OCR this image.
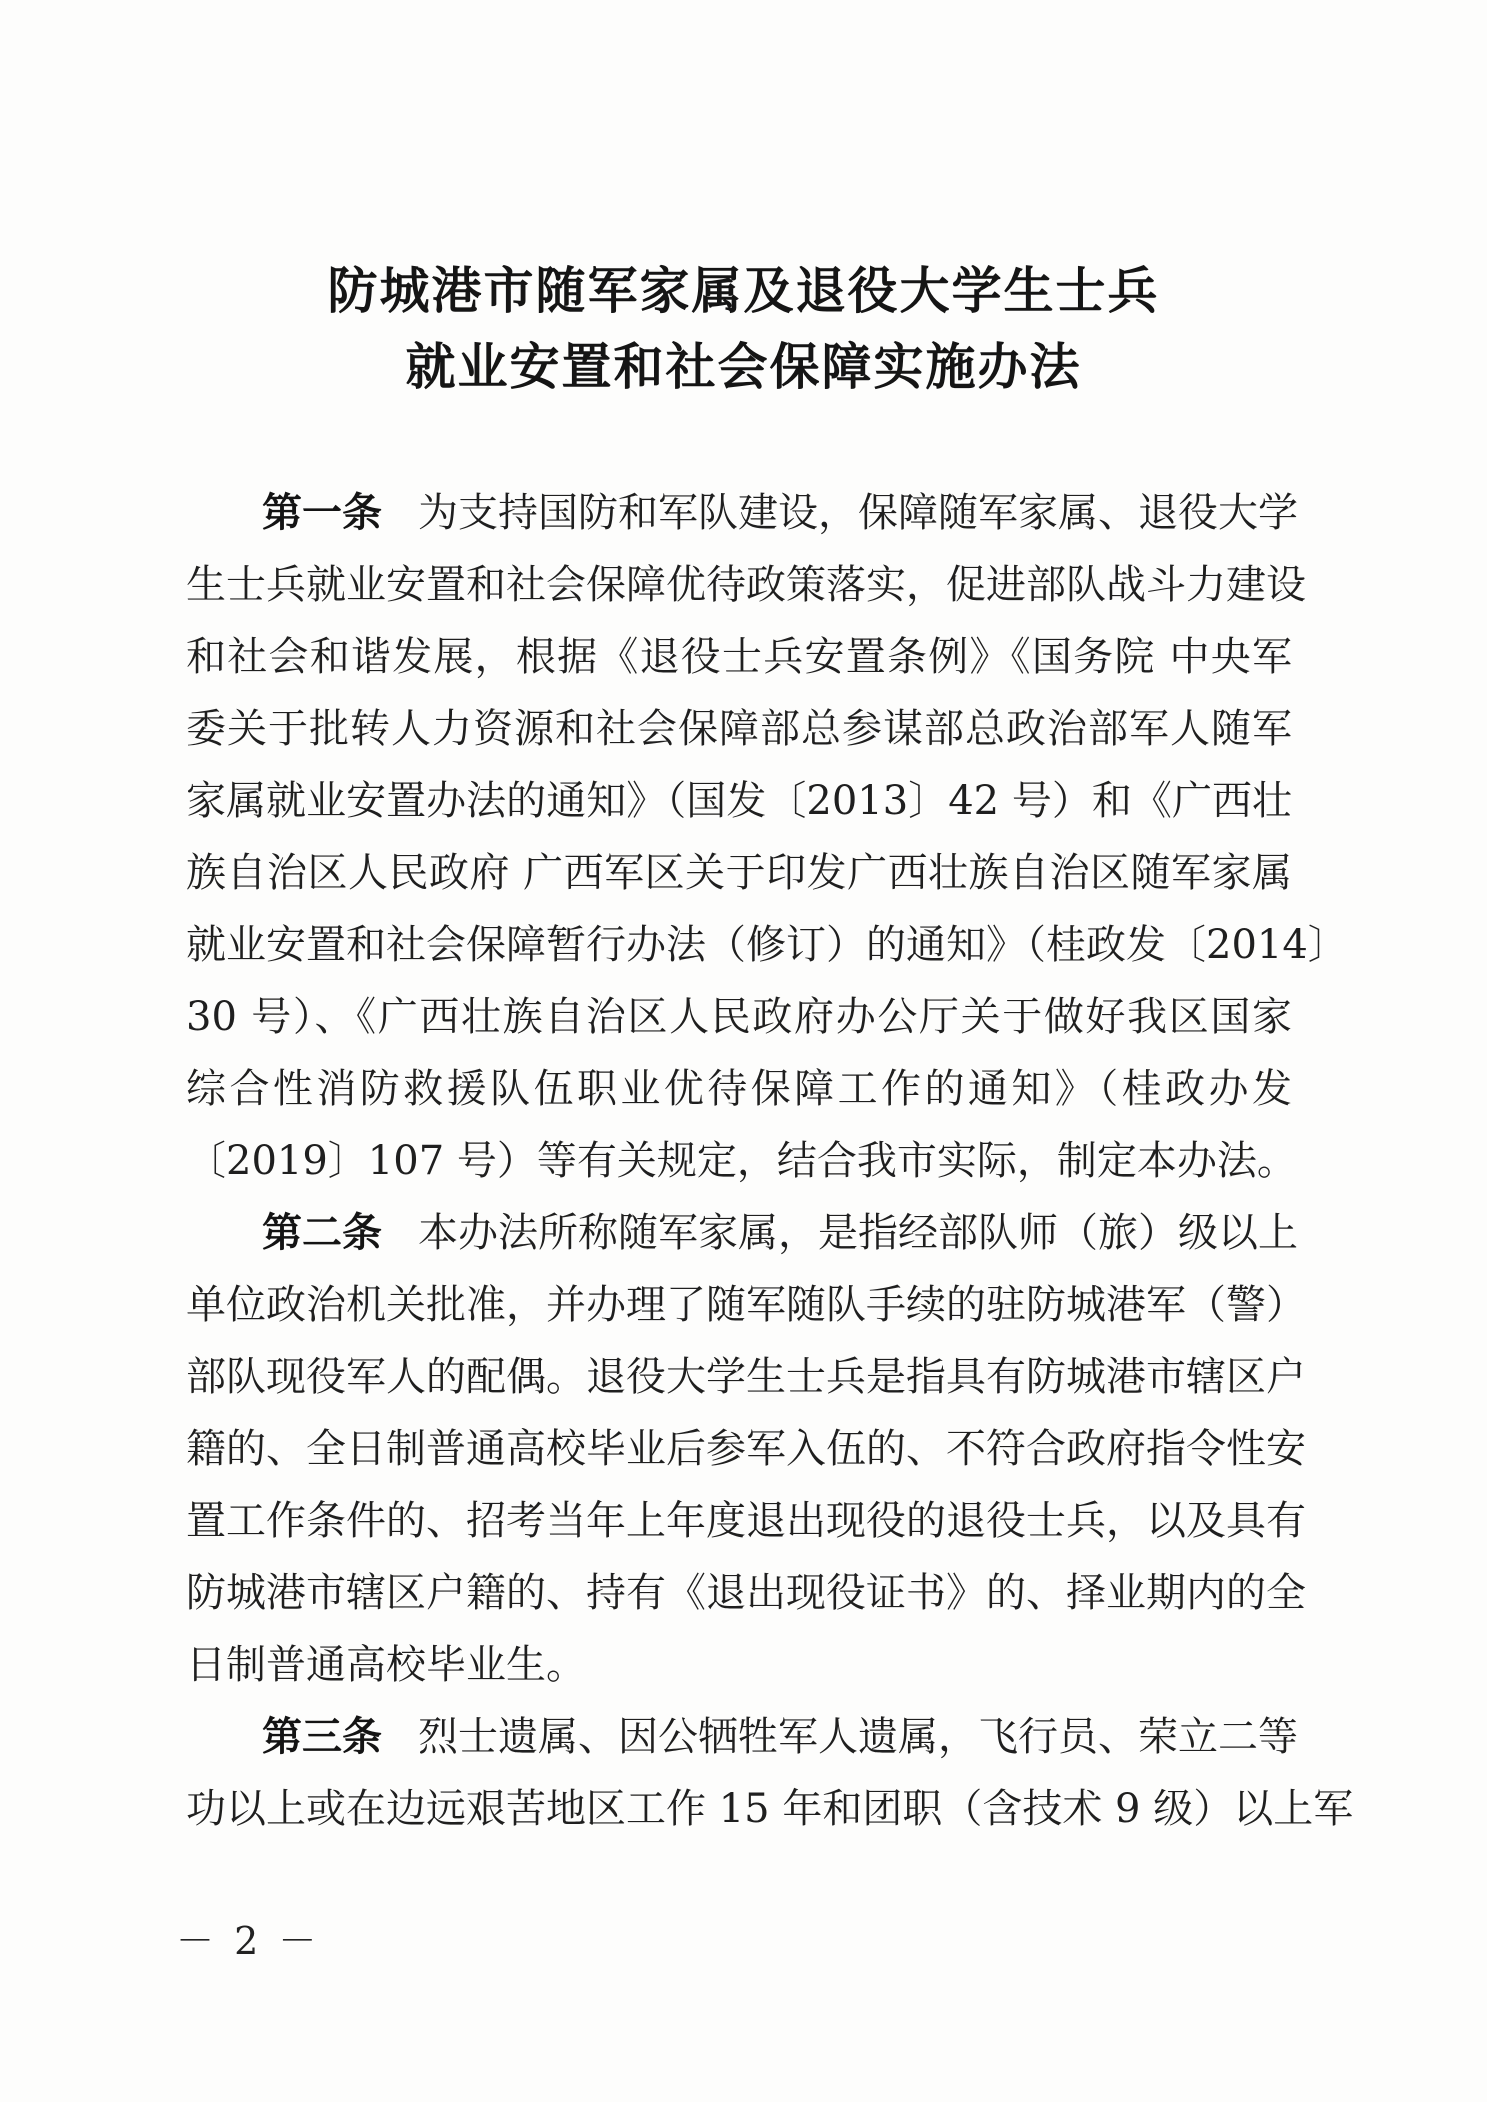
防城港市随军家属及退役大学生士兵
就业安置和社会保障实施办法
第一条 为支持国防和军队建设，保障随军家属、退役大学
生士兵就业安置和社会保障优待政策落实，促进部队战斗力建设
和社会和谐发展，根据《退役士兵安置条例》《国务院 中央军
委关于批转人力资源和社会保障部总参谋部总政治部军人随军
家属就业安置办法的通知》（国发〔2013〕42 号）和《广西壮
族自治区人民政府 广西军区关于印发广西壮族自治区随军家属
就业安置和社会保障暂行办法（修订）的通知》（桂政发〔2014〕
30 号）、《广西壮族自治区人民政府办公厅关于做好我区国家
综合性消防救援队伍职业优待保障工作的通知》（桂政办发
〔2019〕107 号）等有关规定，结合我市实际，制定本办法。
第二条 本办法所称随军家属，是指经部队师（旅）级以上
单位政治机关批准，并办理了随军随队手续的驻防城港军（警）
部队现役军人的配偶。退役大学生士兵是指具有防城港市辖区户
籍的、全日制普通高校毕业后参军入伍的、不符合政府指令性安
置工作条件的、招考当年上年度退出现役的退役士兵，以及具有
防城港市辖区户籍的、持有《退出现役证书》的、择业期内的全
日制普通高校毕业生。
第三条 烈士遗属、因公牺牲军人遗属，飞行员、荣立二等
功以上或在边远艰苦地区工作 15 年和团职（含技术 9 级）以上军
－ 2 －
